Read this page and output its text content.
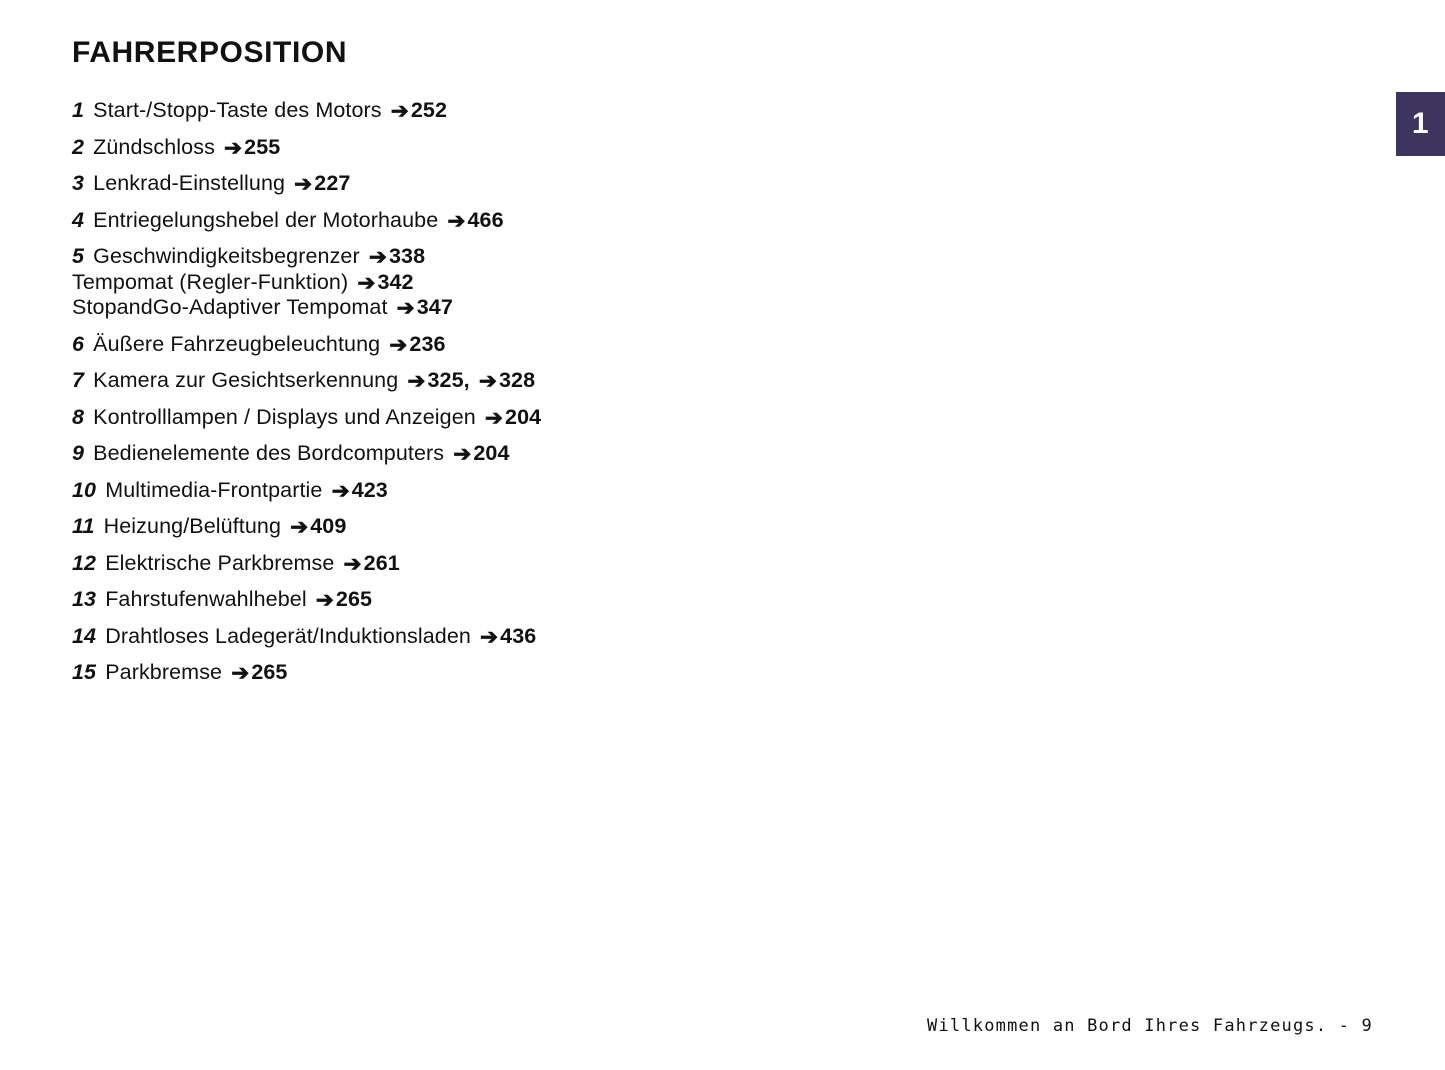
1
FAHRERPOSITION
1 Start-/Stopp-Taste des Motors ➔252
2 Zündschloss ➔255
3 Lenkrad-Einstellung ➔227
4 Entriegelungshebel der Motorhaube ➔466
5 Geschwindigkeitsbegrenzer ➔338
Tempomat (Regler-Funktion) ➔342
StopandGo-Adaptiver Tempomat ➔347
6 Äußere Fahrzeugbeleuchtung ➔236
7 Kamera zur Gesichtserkennung ➔325, ➔328
8 Kontrolllampen / Displays und Anzeigen ➔204
9 Bedienelemente des Bordcomputers ➔204
10 Multimedia-Frontpartie ➔423
11 Heizung/Belüftung ➔409
12 Elektrische Parkbremse ➔261
13 Fahrstufenwahlhebel ➔265
14 Drahtloses Ladegerät/Induktionsladen ➔436
15 Parkbremse ➔265
Willkommen an Bord Ihres Fahrzeugs. - 9
